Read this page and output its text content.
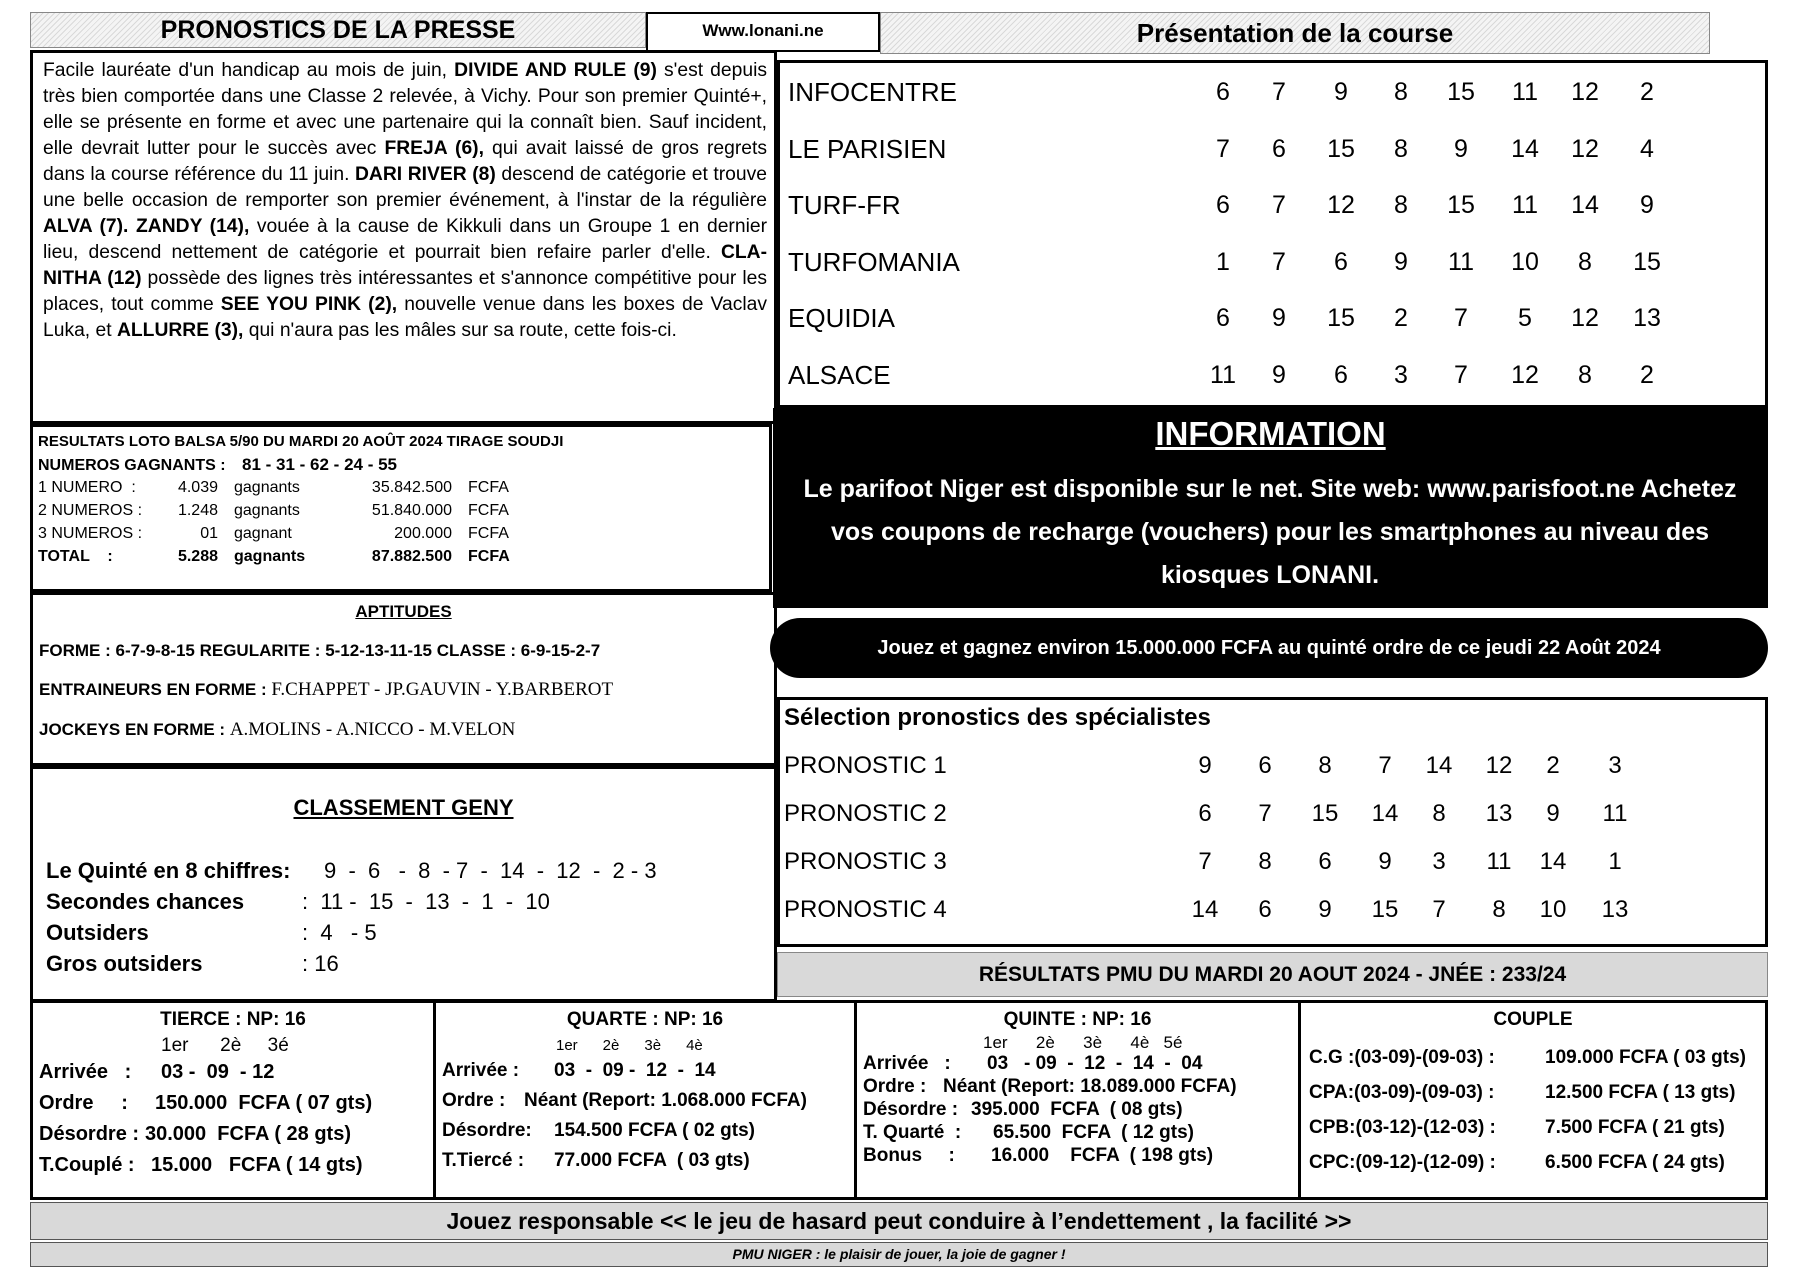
PRONOSTICS DE LA PRESSE	Www.lonani.ne	Présentation de la course
Facile lauréate d'un handicap au mois de juin, DIVIDE AND RULE (9) s'est depuis très bien comportée dans une Classe 2 relevée, à Vichy. Pour son premier Quinté+, elle se présente en forme et avec une partenaire qui la connaît bien. Sauf incident, elle devrait lutter pour le succès avec FREJA (6), qui avait laissé de gros regrets dans la course référence du 11 juin. DARI RIVER (8) descend de catégorie et trouve une belle occasion de remporter son premier événement, à l'instar de la régulière ALVA (7). ZANDY (14), vouée à la cause de Kikkuli dans un Groupe 1 en dernier lieu, descend nettement de catégorie et pourrait bien refaire parler d'elle. CLA-NITHA (12) possède des lignes très intéressantes et s'annonce compétitive pour les places, tout comme SEE YOU PINK (2), nouvelle venue dans les boxes de Vaclav Luka, et ALLURRE (3), qui n'aura pas les mâles sur sa route, cette fois-ci.
INFOCENTRE	6	7	9	8	15	11	12	2
LE PARISIEN	7	6	15	8	9	14	12	4
TURF-FR	6	7	12	8	15	11	14	9
TURFOMANIA	1	7	6	9	11	10	8	15
EQUIDIA	6	9	15	2	7	5	12	13
ALSACE	11	9	6	3	7	12	8	2
RESULTATS LOTO BALSA 5/90 DU MARDI 20 AOÛT 2024 TIRAGE SOUDJI
NUMEROS GAGNANTS : 81 - 31 - 62 - 24 - 55
1 NUMERO  :	4.039 gagnants	35.842.500 FCFA
2 NUMEROS :	1.248 gagnants	51.840.000 FCFA
3 NUMEROS :	01 gagnant	200.000 FCFA
TOTAL    :	5.288 gagnants	87.882.500 FCFA
APTITUDES
FORME : 6-7-9-8-15 REGULARITE : 5-12-13-11-15 CLASSE : 6-9-15-2-7
ENTRAINEURS EN FORME : F.CHAPPET - JP.GAUVIN - Y.BARBEROT
JOCKEYS EN FORME : A.MOLINS - A.NICCO - M.VELON
CLASSEMENT GENY
Le Quinté en 8 chiffres: 9  -  6   -  8  - 7  -  14  -  12  -  2 - 3
Secondes chances	:  11 -  15  -  13  -  1  -  10
Outsiders	:  4   - 5
Gros outsiders	: 16
INFORMATION
Le parifoot Niger est disponible sur le net. Site web: www.parisfoot.ne Achetez vos coupons de recharge (vouchers) pour les smartphones au niveau des kiosques LONANI.
Jouez et gagnez environ 15.000.000 FCFA au quinté ordre de ce jeudi 22 Août 2024
Sélection pronostics des spécialistes
PRONOSTIC 1	9	6	8	7	14	12	2	3
PRONOSTIC 2	6	7	15	14	8	13	9	11
PRONOSTIC 3	7	8	6	9	3	11	14	1
PRONOSTIC 4	14	6	9	15	7	8	10	13
RÉSULTATS PMU DU MARDI 20 AOUT 2024 - JNÉE : 233/24
TIERCE : NP: 16
1er      2è     3é
Arrivée   : 03 -  09  - 12
Ordre     : 150.000  FCFA ( 07 gts)
Désordre : 30.000  FCFA ( 28 gts)
T.Couplé : 15.000   FCFA ( 14 gts)
QUARTE : NP: 16
1er      2è      3è      4è
Arrivée : 03  -  09 -  12  -  14
Ordre : Néant (Report: 1.068.000 FCFA)
Désordre: 154.500 FCFA ( 02 gts)
T.Tiercé : 77.000 FCFA  ( 03 gts)
QUINTE : NP: 16
1er      2è      3è      4è   5é
Arrivée   : 03   - 09  -  12  -  14  -  04
Ordre : Néant (Report: 18.089.000 FCFA)
Désordre : 395.000  FCFA  ( 08 gts)
T. Quarté  : 65.500  FCFA  ( 12 gts)
Bonus     : 16.000    FCFA  ( 198 gts)
COUPLE
C.G :(03-09)-(09-03) :	109.000 FCFA ( 03 gts)
CPA:(03-09)-(09-03) :	12.500 FCFA ( 13 gts)
CPB:(03-12)-(12-03) :	7.500 FCFA ( 21 gts)
CPC:(09-12)-(12-09) :	6.500 FCFA ( 24 gts)
Jouez responsable << le jeu de hasard peut conduire à l’endettement , la facilité >>
PMU NIGER : le plaisir de jouer, la joie de gagner !
